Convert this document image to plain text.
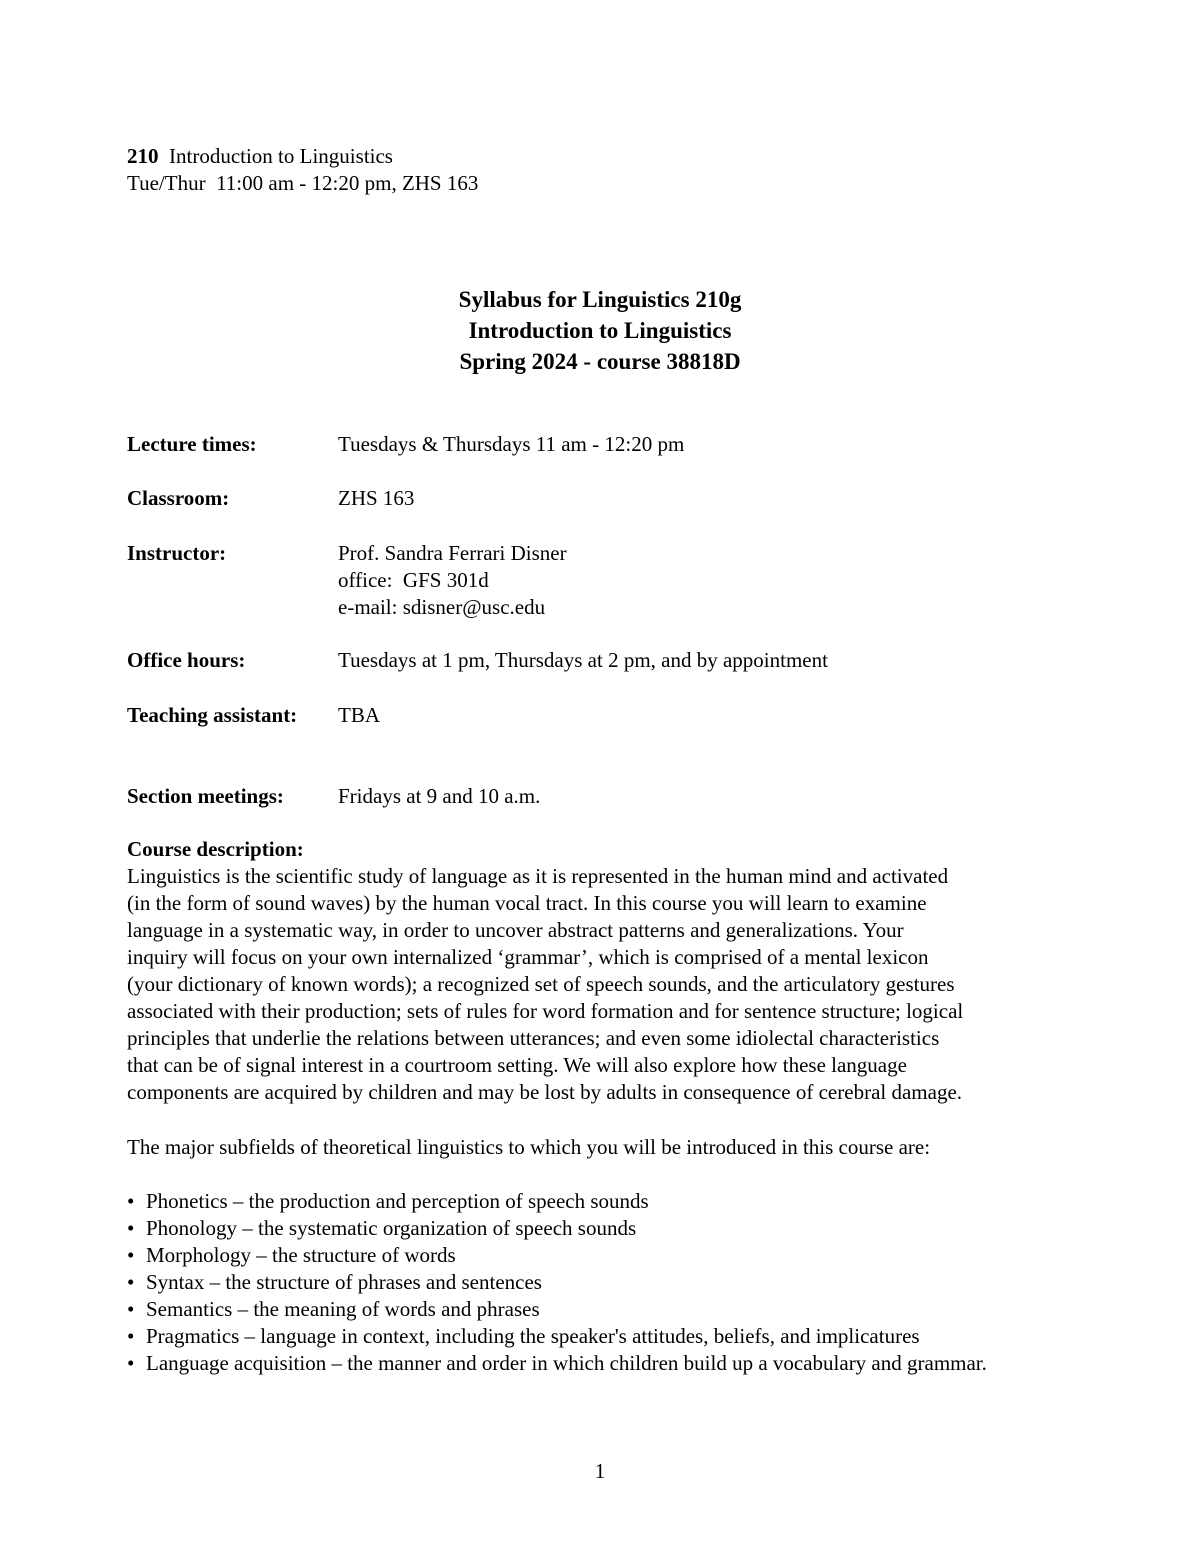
210 Introduction to Linguistics
Tue/Thur  11:00 am - 12:20 pm, ZHS 163
Syllabus for Linguistics 210g
Introduction to Linguistics
Spring 2024 - course 38818D
Lecture times:	Tuesdays & Thursdays 11 am - 12:20 pm
Classroom:	ZHS 163
Instructor:	Prof. Sandra Ferrari Disner
office:  GFS 301d
e-mail: sdisner@usc.edu
Office hours:	Tuesdays at 1 pm, Thursdays at 2 pm, and by appointment
Teaching assistant: TBA
Section meetings:	Fridays at 9 and 10 a.m.
Course description:

Linguistics is the scientific study of language as it is represented in the human mind and activated
(in the form of sound waves) by the human vocal tract. In this course you will learn to examine
language in a systematic way, in order to uncover abstract patterns and generalizations. Your
inquiry will focus on your own internalized ‘grammar’, which is comprised of a mental lexicon
(your dictionary of known words); a recognized set of speech sounds, and the articulatory gestures
associated with their production; sets of rules for word formation and for sentence structure; logical
principles that underlie the relations between utterances; and even some idiolectal characteristics
that can be of signal interest in a courtroom setting. We will also explore how these language
components are acquired by children and may be lost by adults in consequence of cerebral damage.

The major subfields of theoretical linguistics to which you will be introduced in this course are:
• Phonetics – the production and perception of speech sounds
• Phonology – the systematic organization of speech sounds
• Morphology – the structure of words
• Syntax – the structure of phrases and sentences
• Semantics – the meaning of words and phrases
• Pragmatics – language in context, including the speaker's attitudes, beliefs, and implicatures
• Language acquisition – the manner and order in which children build up a vocabulary and grammar.
1
